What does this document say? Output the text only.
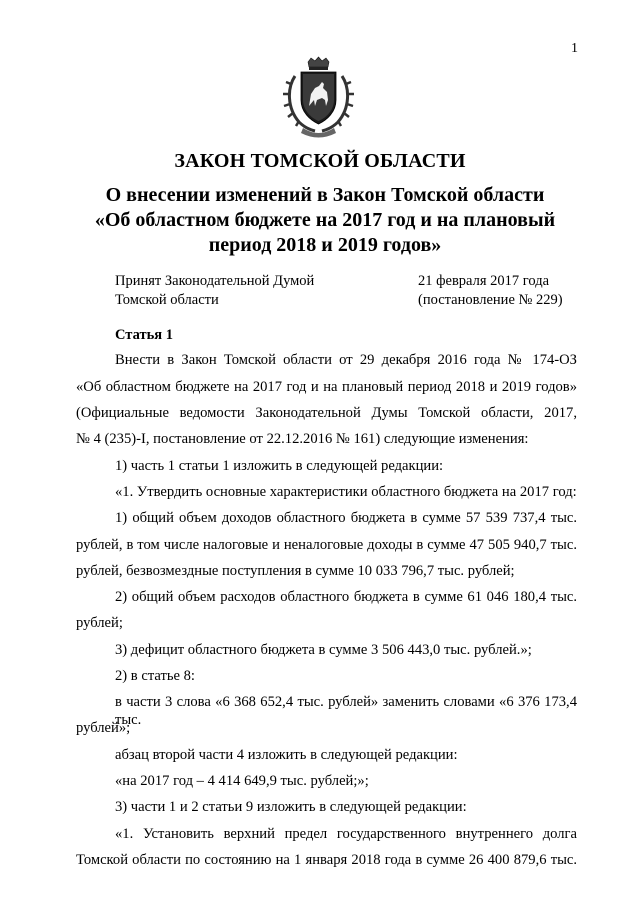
1
ЗАКОН ТОМСКОЙ ОБЛАСТИ
О внесении изменений в Закон Томской области
«Об областном бюджете на 2017 год и на плановый
период 2018 и 2019 годов»
Принят Законодательной Думой
Томской области
21 февраля 2017 года
(постановление № 229)
Статья 1
Внести в Закон Томской области от 29 декабря 2016 года № 174-ОЗ
«Об областном бюджете на 2017 год и на плановый период 2018 и 2019 годов»
(Официальные ведомости Законодательной Думы Томской области, 2017,
№ 4 (235)-I, постановление от 22.12.2016 № 161) следующие изменения:
1) часть 1 статьи 1 изложить в следующей редакции:
«1. Утвердить основные характеристики областного бюджета на 2017 год:
1) общий объем доходов областного бюджета в сумме 57 539 737,4 тыс.
рублей, в том числе налоговые и неналоговые доходы в сумме 47 505 940,7 тыс.
рублей, безвозмездные поступления в сумме 10 033 796,7 тыс. рублей;
2) общий объем расходов областного бюджета в сумме 61 046 180,4 тыс.
рублей;
3) дефицит областного бюджета в сумме 3 506 443,0 тыс. рублей.»;
2) в статье 8:
в части 3 слова «6 368 652,4 тыс. рублей» заменить словами «6 376 173,4 тыс.
рублей»;
абзац второй части 4 изложить в следующей редакции:
«на 2017 год – 4 414 649,9 тыс. рублей;»;
3) части 1 и 2 статьи 9 изложить в следующей редакции:
«1. Установить верхний предел государственного внутреннего долга
Томской области по состоянию на 1 января 2018 года в сумме 26 400 879,6 тыс.
